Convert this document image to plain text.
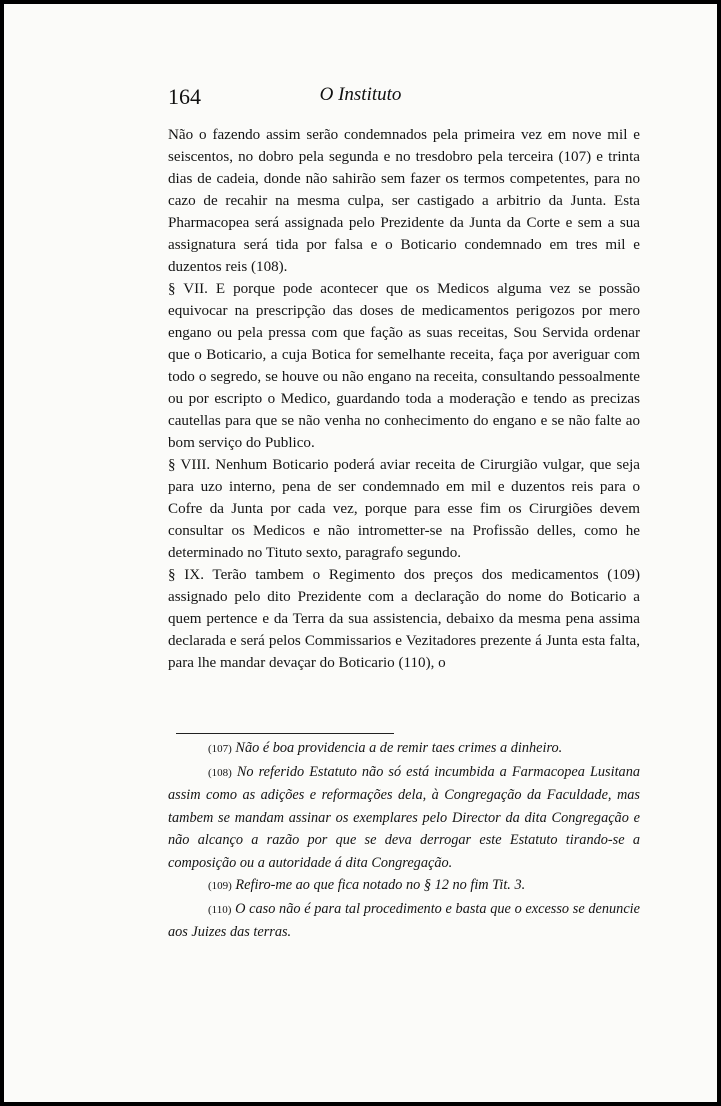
164	O Instituto

Não o fazendo assim serão condemnados pela primeira vez em nove mil e seiscentos, no dobro pela segunda e no tresdobro pela terceira (107) e trinta dias de cadeia, donde não sahirão sem fazer os termos competentes, para no cazo de recahir na mesma culpa, ser castigado a arbitrio da Junta. Esta Pharmacopea será assignada pelo Prezidente da Junta da Corte e sem a sua assignatura será tida por falsa e o Boticario condemnado em tres mil e duzentos reis (108).

§ VII. E porque pode acontecer que os Medicos alguma vez se possão equivocar na prescripção das doses de medicamentos perigozos por mero engano ou pela pressa com que fação as suas receitas, Sou Servida ordenar que o Boticario, a cuja Botica for semelhante receita, faça por averiguar com todo o segredo, se houve ou não engano na receita, consultando pessoalmente ou por escripto o Medico, guardando toda a moderação e tendo as precizas cautellas para que se não venha no conhecimento do engano e se não falte ao bom serviço do Publico.

§ VIII. Nenhum Boticario poderá aviar receita de Cirurgião vulgar, que seja para uzo interno, pena de ser condemnado em mil e duzentos reis para o Cofre da Junta por cada vez, porque para esse fim os Cirurgiões devem consultar os Medicos e não intrometter-se na Profissão delles, como he determinado no Tituto sexto, paragrafo segundo.

§ IX. Terão tambem o Regimento dos preços dos medicamentos (109) assignado pelo dito Prezidente com a declaração do nome do Boticario a quem pertence e da Terra da sua assistencia, debaixo da mesma pena assima declarada e será pelos Commissarios e Vezitadores prezente á Junta esta falta, para lhe mandar devaçar do Boticario (110), o

(107) Não é boa providencia a de remir taes crimes a dinheiro.

(108) No referido Estatuto não só está incumbida a Farmacopea Lusitana assim como as adições e reformações dela, à Congregação da Faculdade, mas tambem se mandam assinar os exemplares pelo Director da dita Congregação e não alcanço a razão por que se deva derrogar este Estatuto tirando-se a composição ou a autoridade á dita Congregação.

(109) Refiro-me ao que fica notado no § 12 no fim Tit. 3.

(110) O caso não é para tal procedimento e basta que o excesso se denuncie aos Juizes das terras.
